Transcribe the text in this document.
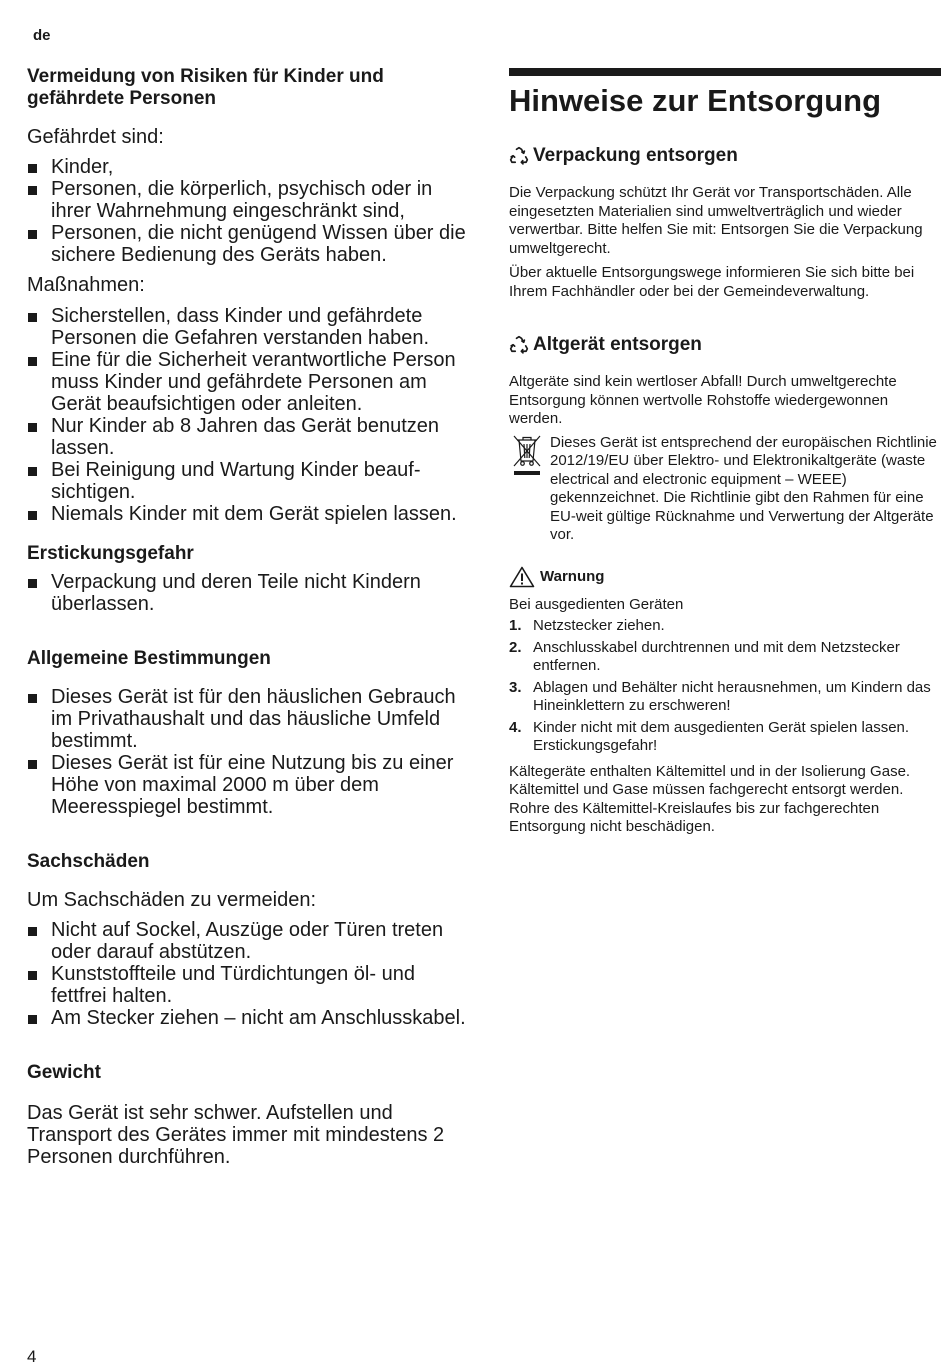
de
Vermeidung von Risiken für Kinder und gefährdete Personen

Gefährdet sind:

Kinder,
Personen, die körperlich, psychisch oder in ihrer Wahrnehmung eingeschränkt sind,
Personen, die nicht genügend Wissen über die sichere Bedienung des Geräts haben.

Maßnahmen:

Sicherstellen, dass Kinder und gefährdete Personen die Gefahren verstanden haben.
Eine für die Sicherheit verantwortliche Person muss Kinder und gefährdete Personen am Gerät beaufsichtigen oder anleiten.
Nur Kinder ab 8 Jahren das Gerät benutzen lassen.
Bei Reinigung und Wartung Kinder beaufsichtigen.
Niemals Kinder mit dem Gerät spielen lassen.
Erstickungsgefahr
Verpackung und deren Teile nicht Kindern überlassen.
Allgemeine Bestimmungen
Dieses Gerät ist für den häuslichen Gebrauch im Privathaushalt und das häusliche Umfeld bestimmt.
Dieses Gerät ist für eine Nutzung bis zu einer Höhe von maximal 2000 m über dem Meeresspiegel bestimmt.
Sachschäden

Um Sachschäden zu vermeiden:

Nicht auf Sockel, Auszüge oder Türen treten oder darauf abstützen.
Kunststoffteile und Türdichtungen öl- und fettfrei halten.
Am Stecker ziehen – nicht am Anschlusskabel.
Gewicht

Das Gerät ist sehr schwer. Aufstellen und Transport des Gerätes immer mit mindestens 2 Personen durchführen.

Hinweise zur Entsorgung
Verpackung entsorgen

Die Verpackung schützt Ihr Gerät vor Transportschäden. Alle eingesetzten Materialien sind umweltverträglich und wieder verwertbar. Bitte helfen Sie mit: Entsorgen Sie die Verpackung umweltgerecht.

Über aktuelle Entsorgungswege informieren Sie sich bitte bei Ihrem Fachhändler oder bei der Gemeindeverwaltung.

Altgerät entsorgen

Altgeräte sind kein wertloser Abfall! Durch umweltgerechte Entsorgung können wertvolle Rohstoffe wiedergewonnen werden.

Dieses Gerät ist entsprechend der europäischen Richtlinie 2012/19/EU über Elektro- und Elektronikaltgeräte (waste electrical and electronic equipment – WEEE) gekennzeichnet. Die Richtlinie gibt den Rahmen für eine EU-weit gültige Rücknahme und Verwertung der Altgeräte vor.

Warnung

Bei ausgedienten Geräten

1. Netzstecker ziehen.
2. Anschlusskabel durchtrennen und mit dem Netzstecker entfernen.
3. Ablagen und Behälter nicht herausnehmen, um Kindern das Hineinklettern zu erschweren!
4. Kinder nicht mit dem ausgedienten Gerät spielen lassen. Erstickungsgefahr!

Kältegeräte enthalten Kältemittel und in der Isolierung Gase. Kältemittel und Gase müssen fachgerecht entsorgt werden. Rohre des Kältemittel-Kreislaufes bis zur fachgerechten Entsorgung nicht beschädigen.

4
